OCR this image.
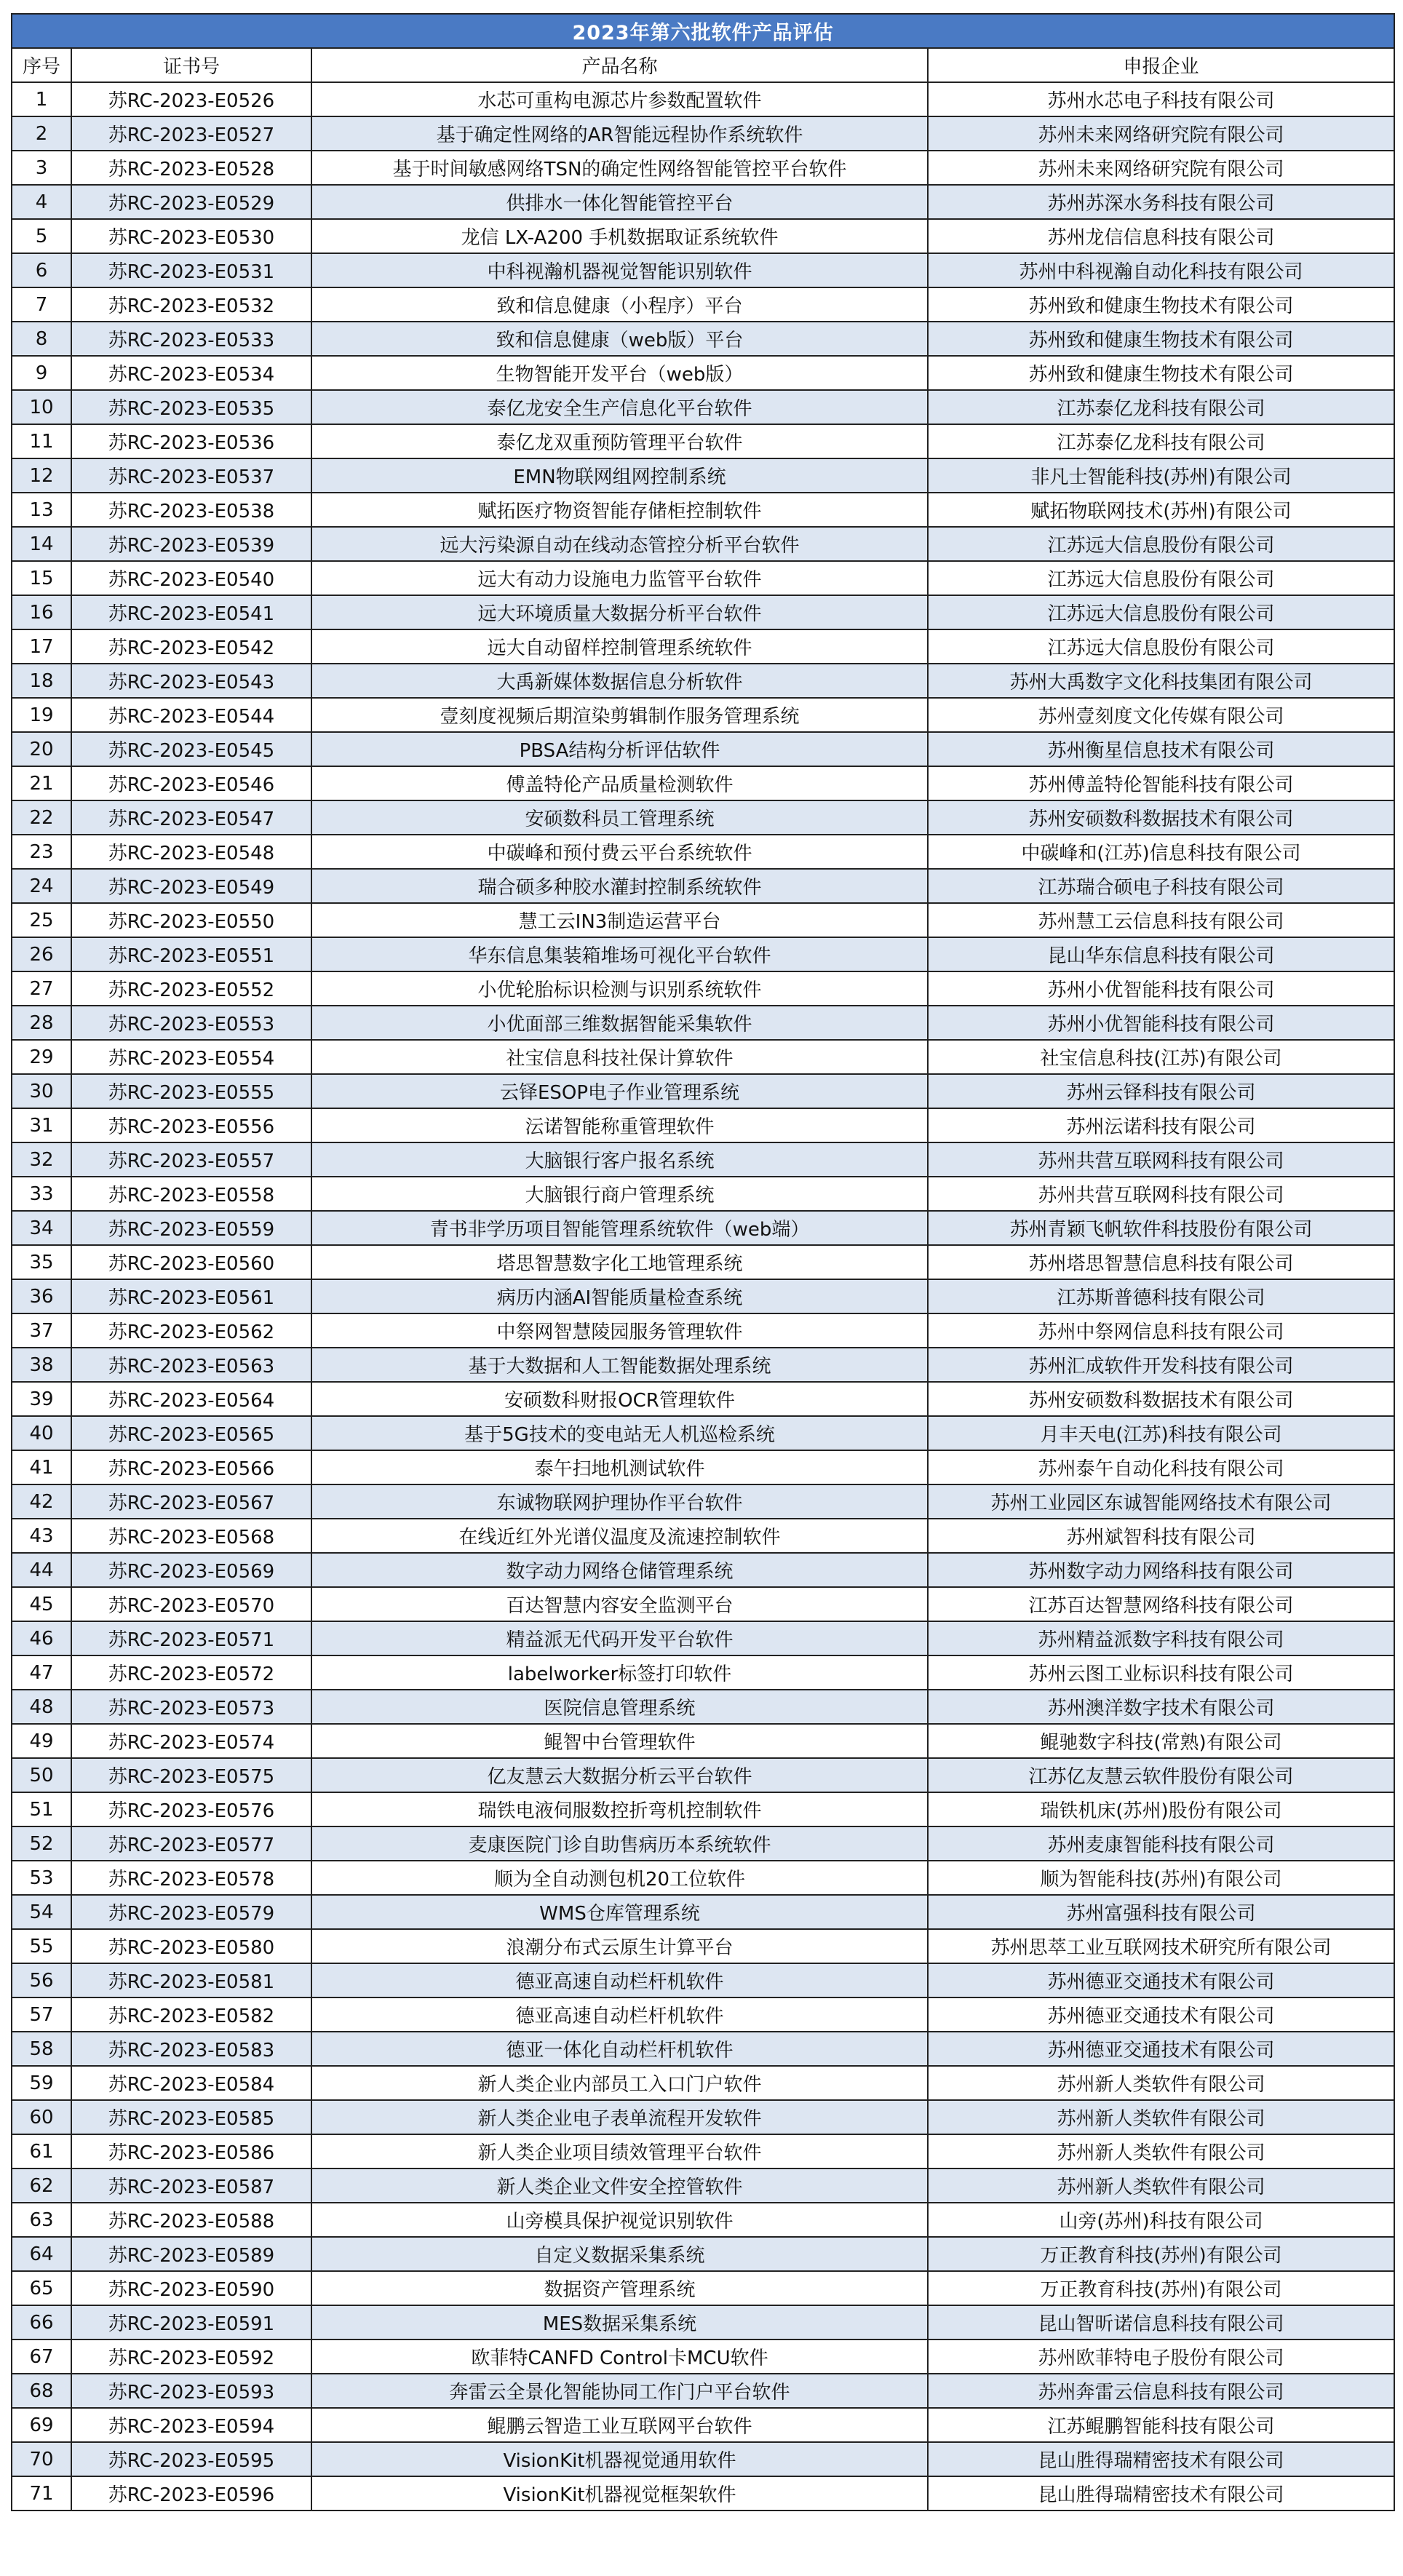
2023年第六批软件产品评估			
序号	证书号	产品名称	申报企业
1	苏RC-2023-E0526	水芯可重构电源芯片参数配置软件	苏州水芯电子科技有限公司
2	苏RC-2023-E0527	基于确定性网络的AR智能远程协作系统软件	苏州未来网络研究院有限公司
3	苏RC-2023-E0528	基于时间敏感网络TSN的确定性网络智能管控平台软件	苏州未来网络研究院有限公司
4	苏RC-2023-E0529	供排水一体化智能管控平台	苏州苏深水务科技有限公司
5	苏RC-2023-E0530	龙信 LX-A200 手机数据取证系统软件	苏州龙信信息科技有限公司
6	苏RC-2023-E0531	中科视瀚机器视觉智能识别软件	苏州中科视瀚自动化科技有限公司
7	苏RC-2023-E0532	致和信息健康（小程序）平台	苏州致和健康生物技术有限公司
8	苏RC-2023-E0533	致和信息健康（web版）平台	苏州致和健康生物技术有限公司
9	苏RC-2023-E0534	生物智能开发平台（web版）	苏州致和健康生物技术有限公司
10	苏RC-2023-E0535	泰亿龙安全生产信息化平台软件	江苏泰亿龙科技有限公司
11	苏RC-2023-E0536	泰亿龙双重预防管理平台软件	江苏泰亿龙科技有限公司
12	苏RC-2023-E0537	EMN物联网组网控制系统	非凡士智能科技(苏州)有限公司
13	苏RC-2023-E0538	赋拓医疗物资智能存储柜控制软件	赋拓物联网技术(苏州)有限公司
14	苏RC-2023-E0539	远大污染源自动在线动态管控分析平台软件	江苏远大信息股份有限公司
15	苏RC-2023-E0540	远大有动力设施电力监管平台软件	江苏远大信息股份有限公司
16	苏RC-2023-E0541	远大环境质量大数据分析平台软件	江苏远大信息股份有限公司
17	苏RC-2023-E0542	远大自动留样控制管理系统软件	江苏远大信息股份有限公司
18	苏RC-2023-E0543	大禹新媒体数据信息分析软件	苏州大禹数字文化科技集团有限公司
19	苏RC-2023-E0544	壹刻度视频后期渲染剪辑制作服务管理系统	苏州壹刻度文化传媒有限公司
20	苏RC-2023-E0545	PBSA结构分析评估软件	苏州衡星信息技术有限公司
21	苏RC-2023-E0546	傅盖特伦产品质量检测软件	苏州傅盖特伦智能科技有限公司
22	苏RC-2023-E0547	安硕数科员工管理系统	苏州安硕数科数据技术有限公司
23	苏RC-2023-E0548	中碳峰和预付费云平台系统软件	中碳峰和(江苏)信息科技有限公司
24	苏RC-2023-E0549	瑞合硕多种胶水灌封控制系统软件	江苏瑞合硕电子科技有限公司
25	苏RC-2023-E0550	慧工云IN3制造运营平台	苏州慧工云信息科技有限公司
26	苏RC-2023-E0551	华东信息集装箱堆场可视化平台软件	昆山华东信息科技有限公司
27	苏RC-2023-E0552	小优轮胎标识检测与识别系统软件	苏州小优智能科技有限公司
28	苏RC-2023-E0553	小优面部三维数据智能采集软件	苏州小优智能科技有限公司
29	苏RC-2023-E0554	社宝信息科技社保计算软件	社宝信息科技(江苏)有限公司
30	苏RC-2023-E0555	云铎ESOP电子作业管理系统	苏州云铎科技有限公司
31	苏RC-2023-E0556	沄诺智能称重管理软件	苏州沄诺科技有限公司
32	苏RC-2023-E0557	大脑银行客户报名系统	苏州共营互联网科技有限公司
33	苏RC-2023-E0558	大脑银行商户管理系统	苏州共营互联网科技有限公司
34	苏RC-2023-E0559	青书非学历项目智能管理系统软件（web端）	苏州青颖飞帆软件科技股份有限公司
35	苏RC-2023-E0560	塔思智慧数字化工地管理系统	苏州塔思智慧信息科技有限公司
36	苏RC-2023-E0561	病历内涵AI智能质量检查系统	江苏斯普德科技有限公司
37	苏RC-2023-E0562	中祭网智慧陵园服务管理软件	苏州中祭网信息科技有限公司
38	苏RC-2023-E0563	基于大数据和人工智能数据处理系统	苏州汇成软件开发科技有限公司
39	苏RC-2023-E0564	安硕数科财报OCR管理软件	苏州安硕数科数据技术有限公司
40	苏RC-2023-E0565	基于5G技术的变电站无人机巡检系统	月丰天电(江苏)科技有限公司
41	苏RC-2023-E0566	泰午扫地机测试软件	苏州泰午自动化科技有限公司
42	苏RC-2023-E0567	东诚物联网护理协作平台软件	苏州工业园区东诚智能网络技术有限公司
43	苏RC-2023-E0568	在线近红外光谱仪温度及流速控制软件	苏州斌智科技有限公司
44	苏RC-2023-E0569	数字动力网络仓储管理系统	苏州数字动力网络科技有限公司
45	苏RC-2023-E0570	百达智慧内容安全监测平台	江苏百达智慧网络科技有限公司
46	苏RC-2023-E0571	精益派无代码开发平台软件	苏州精益派数字科技有限公司
47	苏RC-2023-E0572	labelworker标签打印软件	苏州云图工业标识科技有限公司
48	苏RC-2023-E0573	医院信息管理系统	苏州澳洋数字技术有限公司
49	苏RC-2023-E0574	鲲智中台管理软件	鲲驰数字科技(常熟)有限公司
50	苏RC-2023-E0575	亿友慧云大数据分析云平台软件	江苏亿友慧云软件股份有限公司
51	苏RC-2023-E0576	瑞铁电液伺服数控折弯机控制软件	瑞铁机床(苏州)股份有限公司
52	苏RC-2023-E0577	麦康医院门诊自助售病历本系统软件	苏州麦康智能科技有限公司
53	苏RC-2023-E0578	顺为全自动测包机20工位软件	顺为智能科技(苏州)有限公司
54	苏RC-2023-E0579	WMS仓库管理系统	苏州富强科技有限公司
55	苏RC-2023-E0580	浪潮分布式云原生计算平台	苏州思萃工业互联网技术研究所有限公司
56	苏RC-2023-E0581	德亚高速自动栏杆机软件	苏州德亚交通技术有限公司
57	苏RC-2023-E0582	德亚高速自动栏杆机软件	苏州德亚交通技术有限公司
58	苏RC-2023-E0583	德亚一体化自动栏杆机软件	苏州德亚交通技术有限公司
59	苏RC-2023-E0584	新人类企业内部员工入口门户软件	苏州新人类软件有限公司
60	苏RC-2023-E0585	新人类企业电子表单流程开发软件	苏州新人类软件有限公司
61	苏RC-2023-E0586	新人类企业项目绩效管理平台软件	苏州新人类软件有限公司
62	苏RC-2023-E0587	新人类企业文件安全控管软件	苏州新人类软件有限公司
63	苏RC-2023-E0588	山旁模具保护视觉识别软件	山旁(苏州)科技有限公司
64	苏RC-2023-E0589	自定义数据采集系统	万正教育科技(苏州)有限公司
65	苏RC-2023-E0590	数据资产管理系统	万正教育科技(苏州)有限公司
66	苏RC-2023-E0591	MES数据采集系统	昆山智昕诺信息科技有限公司
67	苏RC-2023-E0592	欧菲特CANFD Control卡MCU软件	苏州欧菲特电子股份有限公司
68	苏RC-2023-E0593	奔雷云全景化智能协同工作门户平台软件	苏州奔雷云信息科技有限公司
69	苏RC-2023-E0594	鲲鹏云智造工业互联网平台软件	江苏鲲鹏智能科技有限公司
70	苏RC-2023-E0595	VisionKit机器视觉通用软件	昆山胜得瑞精密技术有限公司
71	苏RC-2023-E0596	VisionKit机器视觉框架软件	昆山胜得瑞精密技术有限公司
